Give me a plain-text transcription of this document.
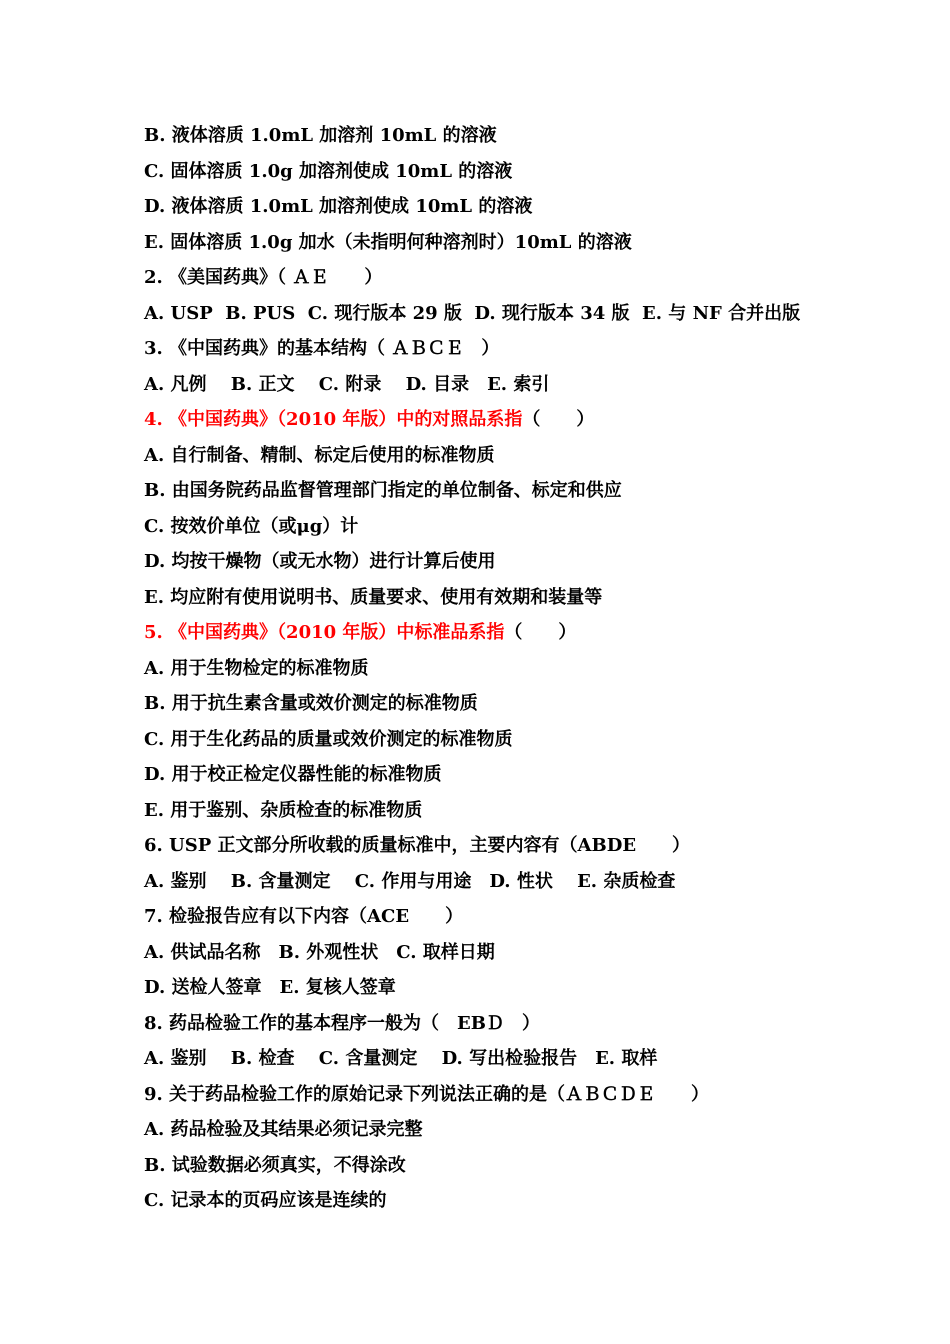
B. 液体溶质 1.0mL 加溶剂 10mL 的溶液
C. 固体溶质 1.0g 加溶剂使成 10mL 的溶液
D. 液体溶质 1.0mL 加溶剂使成 10mL 的溶液
E. 固体溶质 1.0g 加水（未指明何种溶剂时）10mL 的溶液
2. 《美国药典》（ ＡＥ　　）
A. USP  B. PUS  C. 现行版本 29 版  D. 现行版本 34 版  E. 与 NF 合并出版
3. 《中国药典》的基本结构（ ＡＢＣＥ　）
A. 凡例　 B. 正文　 C. 附录　 D. 目录　E. 索引
4. 《中国药典》（2010 年版）中的对照品系指（　　）
A. 自行制备、精制、标定后使用的标准物质
B. 由国务院药品监督管理部门指定的单位制备、标定和供应
C. 按效价单位（或μg）计
D. 均按干燥物（或无水物）进行计算后使用
E. 均应附有使用说明书、质量要求、使用有效期和装量等
5. 《中国药典》（2010 年版）中标准品系指（　　）
A. 用于生物检定的标准物质
B. 用于抗生素含量或效价测定的标准物质
C. 用于生化药品的质量或效价测定的标准物质
D. 用于校正检定仪器性能的标准物质
E. 用于鉴别、杂质检查的标准物质
6. USP 正文部分所收载的质量标准中，主要内容有（ABDE　　）
A. 鉴别　 B. 含量测定　 C. 作用与用途　D. 性状　 E. 杂质检查
7. 检验报告应有以下内容（ACE　　）
A. 供试品名称　B. 外观性状　C. 取样日期
D. 送检人签章　E. 复核人签章
8. 药品检验工作的基本程序一般为（　EBＤ　）
A. 鉴别　 B. 检查　 C. 含量测定　 D. 写出检验报告　E. 取样
9. 关于药品检验工作的原始记录下列说法正确的是（ＡＢＣＤＥ　　）
A. 药品检验及其结果必须记录完整
B. 试验数据必须真实，不得涂改
C. 记录本的页码应该是连续的
